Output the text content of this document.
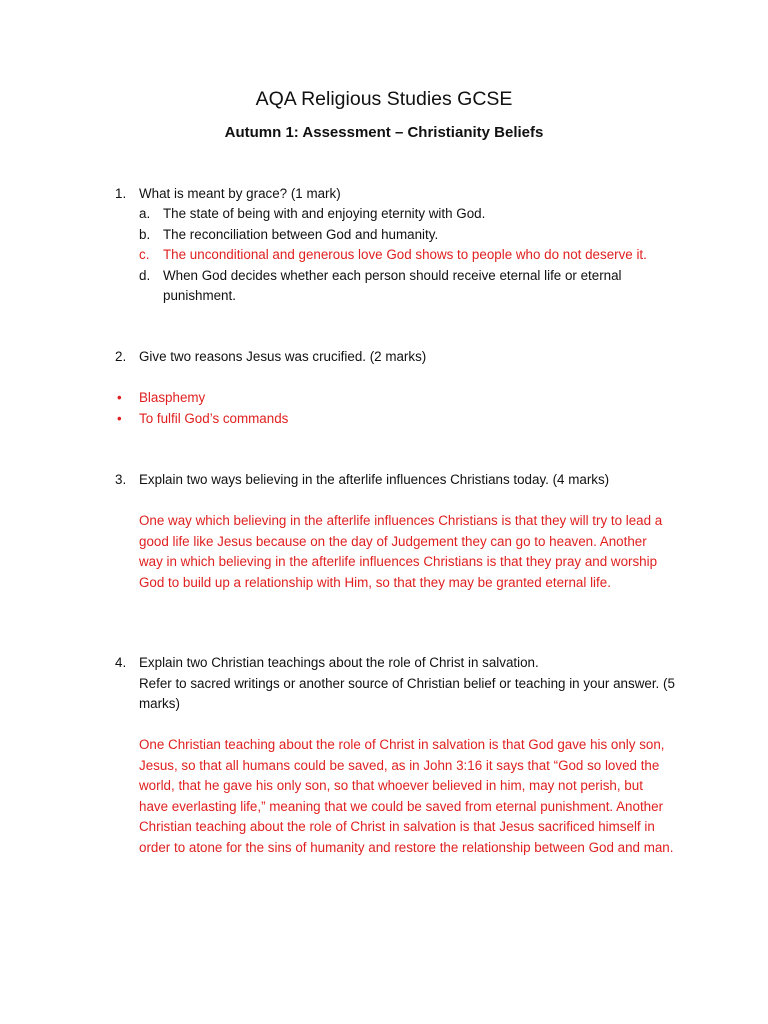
AQA Religious Studies GCSE
Autumn 1: Assessment – Christianity Beliefs
1. What is meant by grace? (1 mark)
a. The state of being with and enjoying eternity with God.
b. The reconciliation between God and humanity.
c. The unconditional and generous love God shows to people who do not deserve it.
d. When God decides whether each person should receive eternal life or eternal punishment.
2. Give two reasons Jesus was crucified. (2 marks)
• Blasphemy
• To fulfil God’s commands
3. Explain two ways believing in the afterlife influences Christians today. (4 marks)
One way which believing in the afterlife influences Christians is that they will try to lead a good life like Jesus because on the day of Judgement they can go to heaven. Another way in which believing in the afterlife influences Christians is that they pray and worship God to build up a relationship with Him, so that they may be granted eternal life.
4. Explain two Christian teachings about the role of Christ in salvation.
Refer to sacred writings or another source of Christian belief or teaching in your answer. (5 marks)
One Christian teaching about the role of Christ in salvation is that God gave his only son, Jesus, so that all humans could be saved, as in John 3:16 it says that “God so loved the world, that he gave his only son, so that whoever believed in him, may not perish, but have everlasting life,” meaning that we could be saved from eternal punishment. Another Christian teaching about the role of Christ in salvation is that Jesus sacrificed himself in order to atone for the sins of humanity and restore the relationship between God and man.
